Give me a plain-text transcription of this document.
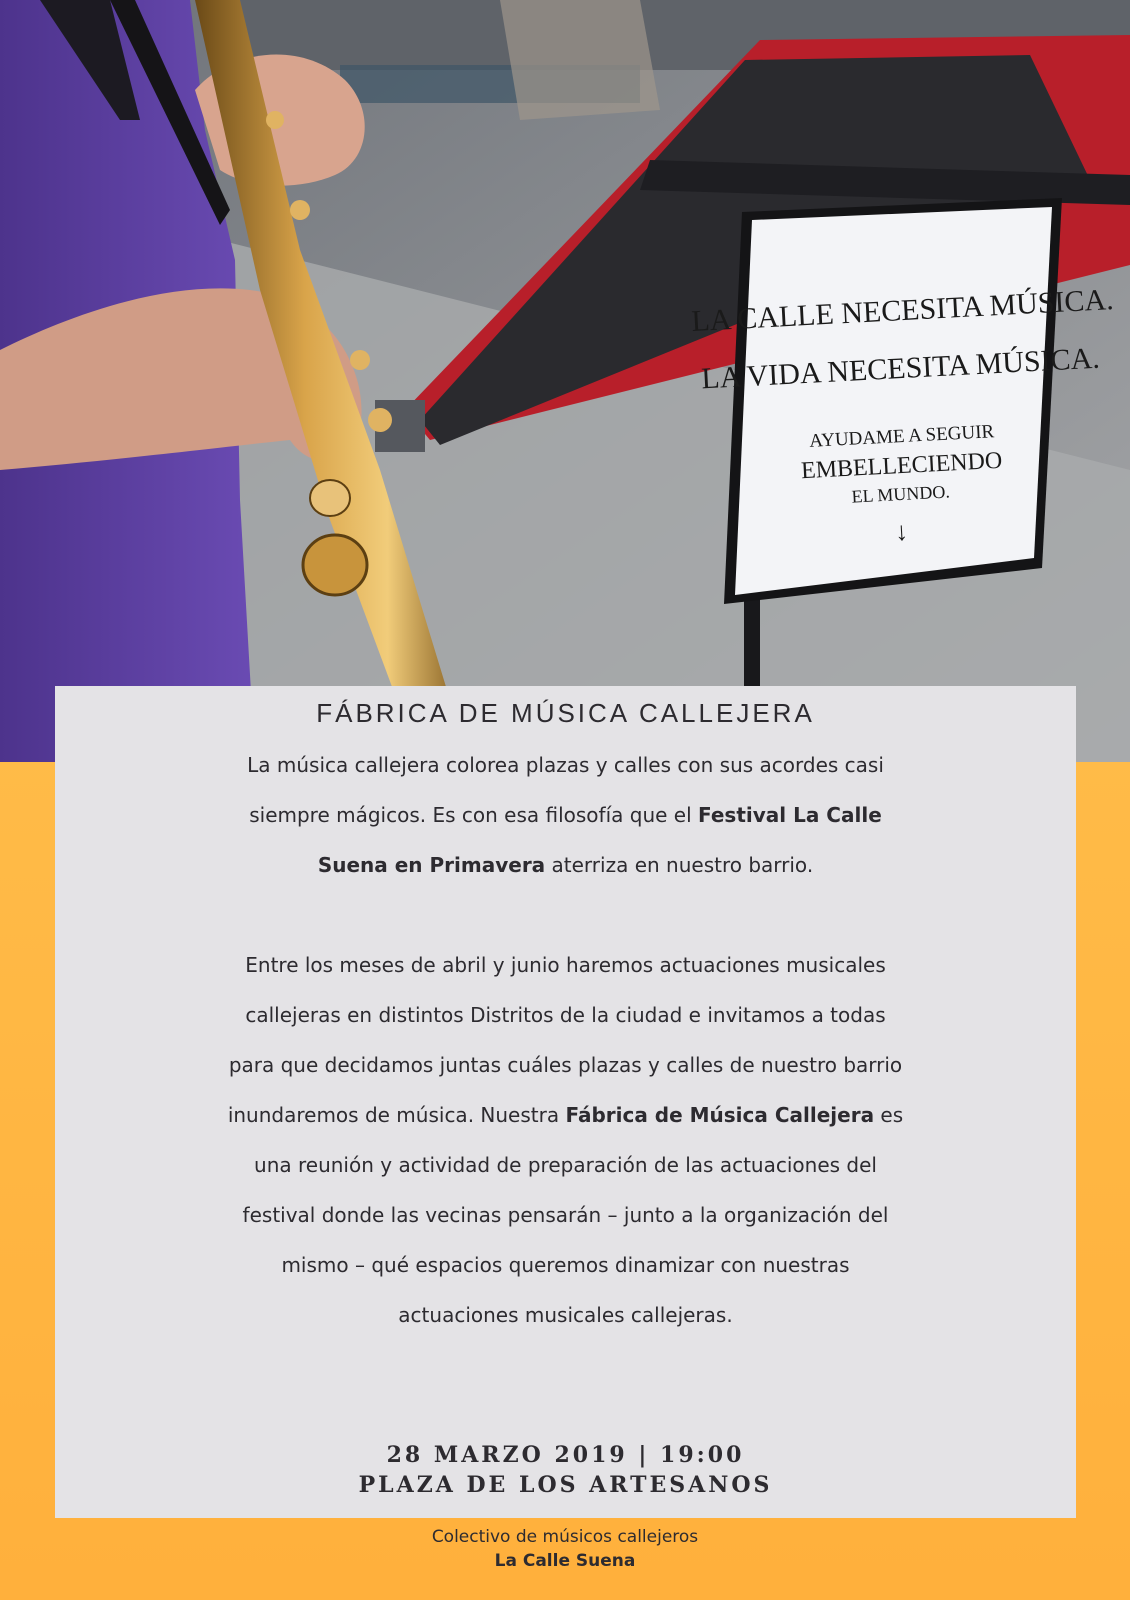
LA CALLE NECESITA MÚSICA.
LA VIDA NECESITA MÚSICA.
AYUDAME A SEGUIR
EMBELLECIENDO
EL MUNDO.
↓
FÁBRICA DE MÚSICA CALLEJERA

La música callejera colorea plazas y calles con sus acordes casi siempre mágicos. Es con esa filosofía que el Festival La Calle Suena en Primavera aterriza en nuestro barrio.

Entre los meses de abril y junio haremos actuaciones musicales callejeras en distintos Distritos de la ciudad e invitamos a todas para que decidamos juntas cuáles plazas y calles de nuestro barrio inundaremos de música. Nuestra Fábrica de Música Callejera es una reunión y actividad de preparación de las actuaciones del festival donde las vecinas pensarán – junto a la organización del mismo – qué espacios queremos dinamizar con nuestras actuaciones musicales callejeras.

28 MARZO 2019 | 19:00
PLAZA DE LOS ARTESANOS
Colectivo de músicos callejeros
La Calle Suena
